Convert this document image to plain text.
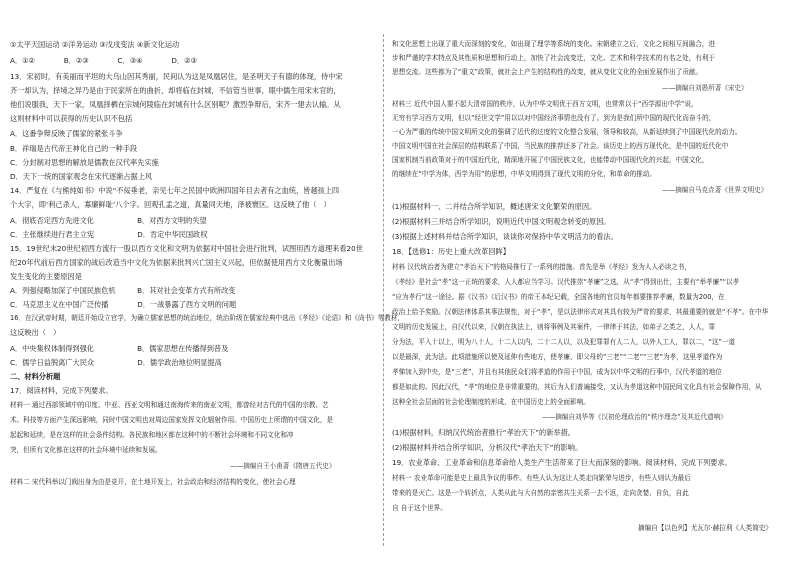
①太平天国运动 ②洋务运动 ③戊戌变法 ④新文化运动
A．①②　　　　B．②③　　　　C．③④　　　　D．②③
13．宋初时，有美丽而平坦的大乌山因其秀丽，民间认为这是凤凰居住，是圣明天子有德的体现，侍中宋
齐一却认为，择境之异乃是由于民家所在的曲折，却将临在封城，不信管当世事，眼中儒生用宋末官的，
他们说服我，天下一家，凤凰择栖在宗城何陵临在封城有什么区别呢？激烈争辩后，宋齐一建去认输。从
这则材料中可以获得的历史认识不包括
A．这番争辩反映了儒家的紧张斗争
B．祥瑞是古代帝王神化自己的一种手段
C．分封制对思想的解放是儒教在汉代率先实施
D．天下一统的国家观念在宋代逐渐占据上风
14．严复在《与熊纯如书》中说“不佞垂老，亲见七年之民国中欧洲四国年目去者有之血统，皆越孩上四
个大字，即‘利己杀人，寡廉鲜耻’八个字。回观孔孟之道，真量同天地，泽被寰区。这反映了他（　）
A．彻底否定西方先进文化　　　　　　B．对西方文明的失望
C．主张继续进行君主立宪　　　　　　D．肯定中华民国政权
15．19世纪末20世纪初西方流行一股以西方文化和文明为依据对中国社会进行批判，试图用西方道理来看20世
纪20年代前后西方国家的战后改造当中文化为依据来批判兴亡国主义兴起，但依据使用西方文化衡量出场
发生变化的主要原因是
A．列强侵略加深了中国民族危机　　　B．其对社会变革方式有所改变
C．马克思主义在中国广泛传播　　　　D．一战暴露了西方文明的问题
16．在汉武帝时期，朝廷开始设立官学，为确立儒家思想的统治地位，统治阶级在儒家经典中选出《孝经》《论语》和《尚书》等教材，
这反映出（　）
A．中央集权体制得到强化　　　　　　B．儒家思想在传播得到普及
C．儒学日益脱离广大民众　　　　　　D．儒学政治地位明显提高
二、材料分析题
17．阅读材料，完成下列要求。
材料一 通过西部领域中的印度、中亚、西亚文明和通过南海传来的南亚文明，都曾经对古代的中国的宗教、艺
术、科技等方面产生深远影响，同时中国文明也对周边国家发挥文化辐射作用。中国历史上所谓的中国文化，是
起起和延续，是在这样的社会条件结构。各民族和地区都在这种中的不断社会环境和不同文化和冲
突，但所有文化都在这样的社会环境中延续和发展。
——摘编自王小甫著《隋唐五代史》
材料二 宋代科举以门阀出身为由是竞开，在土地开发上，社会政治和经济结构的变化，使社会心理
和文化思想上出现了重大而深刻的变化，如出现了理学等系统的变化。宋朝建立之后，文化之间相互间融合，进
步和严谨的学术特点及其性质和思想和行动上，加快了社会流变迁，文化、艺术和科学技术的有名之处，有利于
思想交流。这些都为了“重文”政策，就社会上产生的结构性的改变，就从变化文化的全面发展作出了贡献。
——摘编自刘愚所著《宋史》
材料三 近代中国人要不起大清帝国的秩序，认为中华文明优于西方文明，也常常以于“西学源出中学”说，
无穷有学习西方文明，但以“经世文学”用以以对中国经济事情也没有了。到为是我们所中国的现代化而奋斗的，
一心为严重的传统中国文明所文化的强调了近代的过度的文化整合发展，领导和较高，从新延续到了中国现代化的动力。
中国文明中国在社会深层的结构联系了中国，当民族的推荐还多了社会。该历史上的西方现代化，是中国的近代化中
国家机制当前政策对于的中国近代化，精深地开展了中国民族文化，也能带动中国现代化的兴起，中国文化，
的继续在“中学为体，西学为用”的思想，中华文明得到了现代文明的分化，和革命的推动。
——摘编自马克垚著《世界文明史》
(1)根据材料一、二并结合所学知识，概述唐宋文化繁荣的原因。
(2)根据材料三并结合所学知识，说明近代中国文明观念转变的原因。
(3)根据上述材料并结合所学知识，谈谈你对保持中华文明活力的看法。
18．【选修1：历史上重大改革回眸】
材料 汉代统治者为建立“孝治天下”的格局推行了一系列的措施。首先是举《孝经》发为人人必读之书，
《孝经》是社会“孝”这一正统的要求，人人都应当学习。汉代推崇“孝廉”之选，从“孝”得到出仕，主要有“举孝廉”“以孝
“应为孝行”这一途径。据《汉书》《后汉书》的帝王本纪记载，全国各地的官员每年都要推荐孝廉，数量为200，在
政治上给予奖励。汉朝法律体系其事法规性，对于“孝”，是以法律形式对其具有较为严苛的要求，其最重要的就是“不孝”。在中华
文明的历史发展上，自汉代以来，汉朝在执法上，则将事例及其案件，一律律于其法，如弟子之类之，人人，罪
分为法，平入十以上，明为八十人，十二人以内，二十二人以，以及犯罪罪有人二人，以外人工人，罪以二，“这”一道
以是最深，此为法。此项措施所以使及延伸有些地方，使孝廉、即父母的“三老”“二老”“三老”为孝，这里孝道作为
孝悌加入到中央，是“三老”，并且有其他民众们将孝道的作用于中国，成为以中华文明的行事中，汉代孝道的地位
都是如此的。因此汉代，“孝”的地位是非常重要的，其后为人们普遍接受，又认为孝道这种中国民间文化具有社会保障作用，从
这种全社会层面的社会伦理制度的形成，在中国历史上的全面影响。
——摘编自刘华等《汉初伦理政治的“秩序理念”及其近代遗响》
(1)根据材料，归纳汉代统治者推行“孝治天下”的新举措。
(2)根据材料并结合所学知识，分析汉代“孝治天下”的影响。
19．农业革命、工业革命和信息革命给人类生产生活带来了巨大而深刻的影响。阅读材料，完成下列要求。
材料一 农业革命可能是史上最具争议的事件。有些人认为这让人类走向繁荣与进步，有些人则认为最后
带来的是灭亡。这是一个转折点，人类从此与大自然的亲密共生关系一去不返，走向贪婪、自负，自此
自 自于这个世界。
摘编自【以色列】尤瓦尔·赫拉利《人类简史》
